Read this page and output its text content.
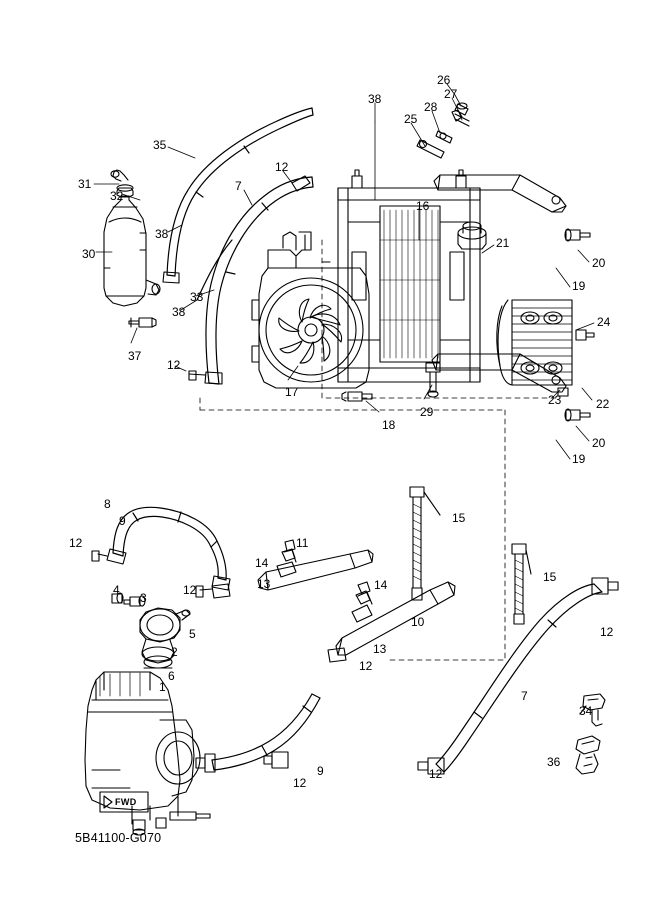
26
27
28
38
25
35
12
31
32
7
16
30
38
21
20
19
33
38
24
37
12
17
23	22
29
18
20
19
8
15
9
12	11
14
13
12
15
4
3
14
5
2
10
13
12
6
1
12
7
34
36
12
9	12
FWD
5B41100-G070
